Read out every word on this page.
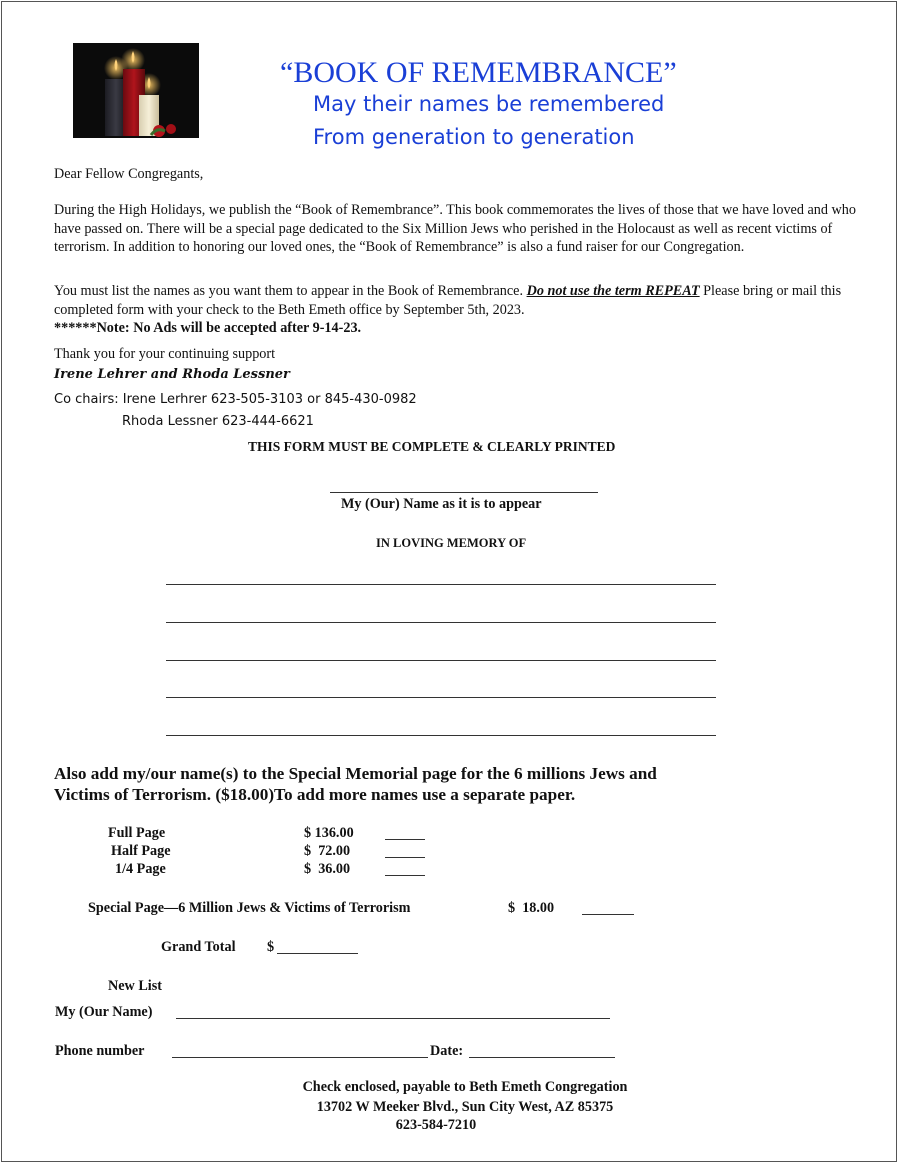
“BOOK OF REMEMBRANCE”
May their names be remembered
From generation to generation
Dear Fellow Congregants,
During the High Holidays, we publish the “Book of Remembrance”. This book commemorates the lives of those that we have loved and who have passed on. There will be a special page dedicated to the Six Million Jews who perished in the Holocaust as well as recent victims of terrorism. In addition to honoring our loved ones, the “Book of Remembrance” is also a fund raiser for our Congregation.
You must list the names as you want them to appear in the Book of Remembrance. Do not use the term REPEAT Please bring or mail this completed form with your check to the Beth Emeth office by September 5th, 2023.
******Note: No Ads will be accepted after 9-14-23.
Thank you for your continuing support
Irene Lehrer and Rhoda Lessner
Co chairs: Irene Lerhrer 623-505-3103 or 845-430-0982
Rhoda Lessner 623-444-6621
THIS FORM MUST BE COMPLETE & CLEARLY PRINTED
My (Our) Name as it is to appear
IN LOVING MEMORY OF
Also add my/our name(s) to the Special Memorial page for the 6 millions Jews and
Victims of Terrorism. ($18.00)To add more names use a separate paper.
Full Page	$ 136.00
Half Page	$  72.00
1/4 Page	$  36.00
Special Page—6 Million Jews & Victims of Terrorism	$  18.00
Grand Total $
New List
My (Our Name)
Phone number	Date:
Check enclosed, payable to Beth Emeth Congregation
13702 W Meeker Blvd., Sun City West, AZ 85375
623-584-7210
